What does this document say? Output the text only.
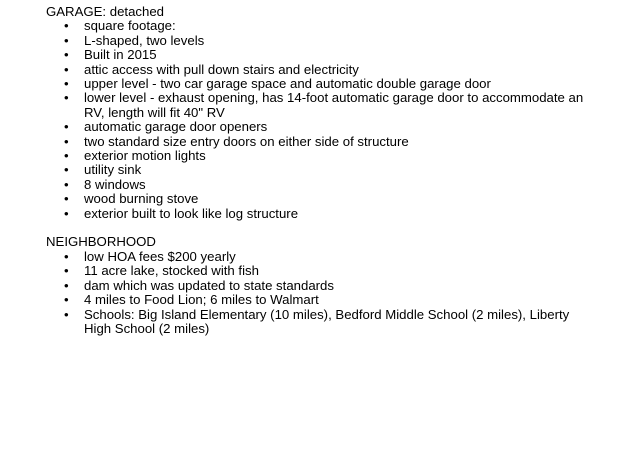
GARAGE: detached
• square footage:
• L-shaped, two levels
• Built in 2015
• attic access with pull down stairs and electricity
• upper level - two car garage space and automatic double garage door
• lower level - exhaust opening, has 14-foot automatic garage door to accommodate an RV, length will fit 40" RV
• automatic garage door openers
• two standard size entry doors on either side of structure
• exterior motion lights
• utility sink
• 8 windows
• wood burning stove
• exterior built to look like log structure
NEIGHBORHOOD
• low HOA fees $200 yearly
• 11 acre lake, stocked with fish
• dam which was updated to state standards
• 4 miles to Food Lion; 6 miles to Walmart
• Schools: Big Island Elementary (10 miles), Bedford Middle School (2 miles), Liberty High School (2 miles)
